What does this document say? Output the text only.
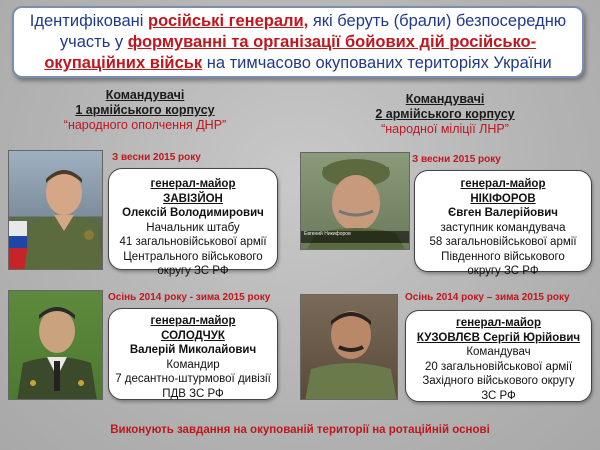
Ідентифіковані російські генерали, які беруть (брали) безпосередню участь у формуванні та організації бойових дій російсько-окупаційних військ на тимчасово окупованих територіях України
Командувачі
1 армійського корпусу
“народного ополчення ДНР”
Командувачі
2 армійського корпусу
“народної міліції ЛНР”
З весни 2015 року
генерал-майор
ЗАВІЗЙОН
Олексій Володимирович
Начальник штабу
41 загальновійськової армії
Центрального військового
округу ЗС РФ
З весни 2015 року
Евгений Никифоров
генерал-майор
НІКІФОРОВ
Євген Валерійович
заступник командувача
58 загальновійськової армії
Південного військового
округу ЗС РФ
Осінь 2014 року - зима 2015 року
генерал-майор
СОЛОДЧУК
Валерій Миколайович
Командир
7 десантно-штурмової дивізії
ПДВ ЗС РФ
Осінь 2014 року – зима 2015 року
генерал-майор
КУЗОВЛЄВ Сергій Юрійович
Командувач
20 загальновійськової армії
Західного військового округу
ЗС РФ
Виконують завдання на окупованій території на ротаційній основі
